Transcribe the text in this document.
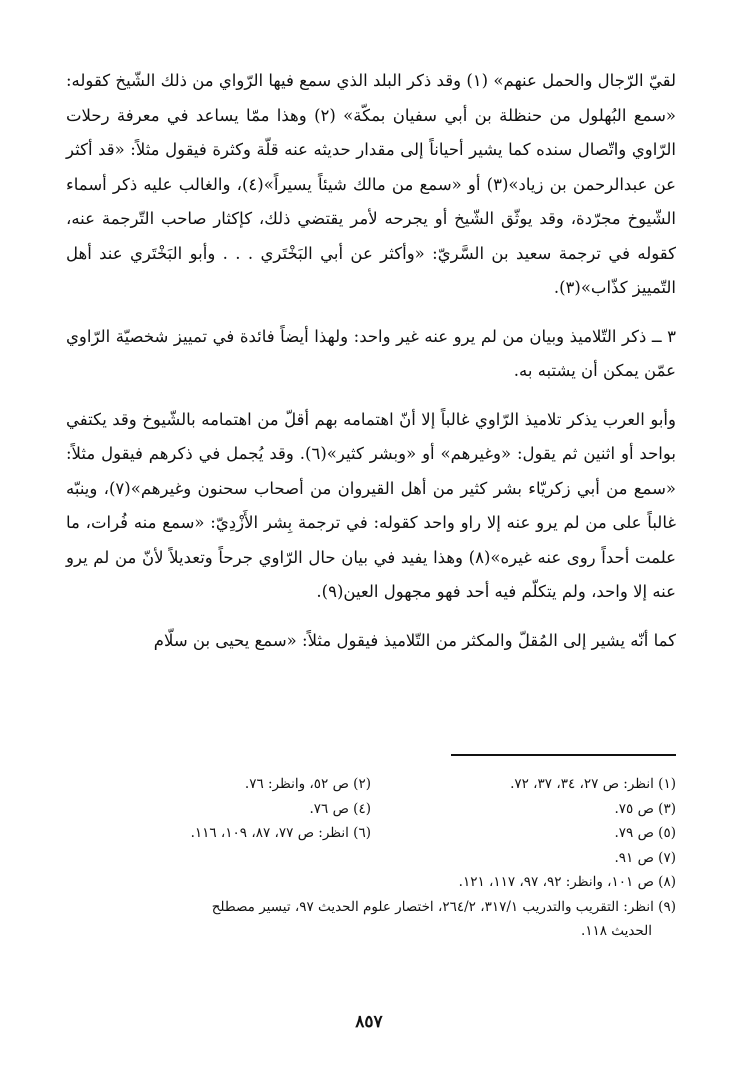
لقيّ الرّجال والحمل عنهم» (١) وقد ذكر البلد الذي سمع فيها الرّواي من ذلك الشّيخ كقوله: «سمع البُهلول من حنظلة بن أبي سفيان بمكّة» (٢) وهذا ممّا يساعد في معرفة رحلات الرّاوي واتّصال سنده كما يشير أحياناً إلى مقدار حديثه عنه قلّة وكثرة فيقول مثلاً: «قد أكثر عن عبدالرحمن بن زياد»(٣) أو «سمع من مالك شيئاً يسيراً»(٤)، والغالب عليه ذكر أسماء الشّيوخ مجرّدة، وقد يوثّق الشّيخ أو يجرحه لأمر يقتضي ذلك، كإكثار صاحب التّرجمة عنه، كقوله في ترجمة سعيد بن السَّريّ: «وأكثر عن أبي البَخْتَري . . . وأبو البَخْتَري عند أهل التّمييز كذّاب»(٣).

٣ ــ ذكر التّلاميذ وبيان من لم يرو عنه غير واحد: ولهذا أيضاً فائدة في تمييز شخصيّة الرّاوي عمّن يمكن أن يشتبه به.

وأبو العرب يذكر تلاميذ الرّاوي غالباً إلا أنّ اهتمامه بهم أقلّ من اهتمامه بالشّيوخ وقد يكتفي بواحد أو اثنين ثم يقول: «وغيرهم» أو «وبشر كثير»(٦). وقد يُجمل في ذكرهم فيقول مثلاً: «سمع من أبي زكريّاء بشر كثير من أهل القيروان من أصحاب سحنون وغيرهم»(٧)، وينبّه غالباً على من لم يرو عنه إلا راو واحد كقوله: في ترجمة بِشر الأَزْدِيّ: «سمع منه فُرات، ما علمت أحداً روى عنه غيره»(٨) وهذا يفيد في بيان حال الرّاوي جرحاً وتعديلاً لأنّ من لم يرو عنه إلا واحد، ولم يتكلّم فيه أحد فهو مجهول العين(٩).

كما أنّه يشير إلى المُقلّ والمكثر من التّلاميذ فيقول مثلاً: «سمع يحيى بن سلّام

(١) انظر: ص ٢٧، ٣٤، ٣٧، ٧٢.
(٢) ص ٥٢، وانظر: ٧٦.
(٣) ص ٧٥.
(٤) ص ٧٦.
(٥) ص ٧٩.
(٦) انظر: ص ٧٧، ٨٧، ١٠٩، ١١٦.
(٧) ص ٩١.
(٨) ص ١٠١، وانظر: ٩٢، ٩٧، ١١٧، ١٢١.
(٩) انظر: التقريب والتدريب ٣١٧/١، ٢٦٤/٢، اختصار علوم الحديث ٩٧، تيسير مصطلح
الحديث ١١٨.
٨٥٧
